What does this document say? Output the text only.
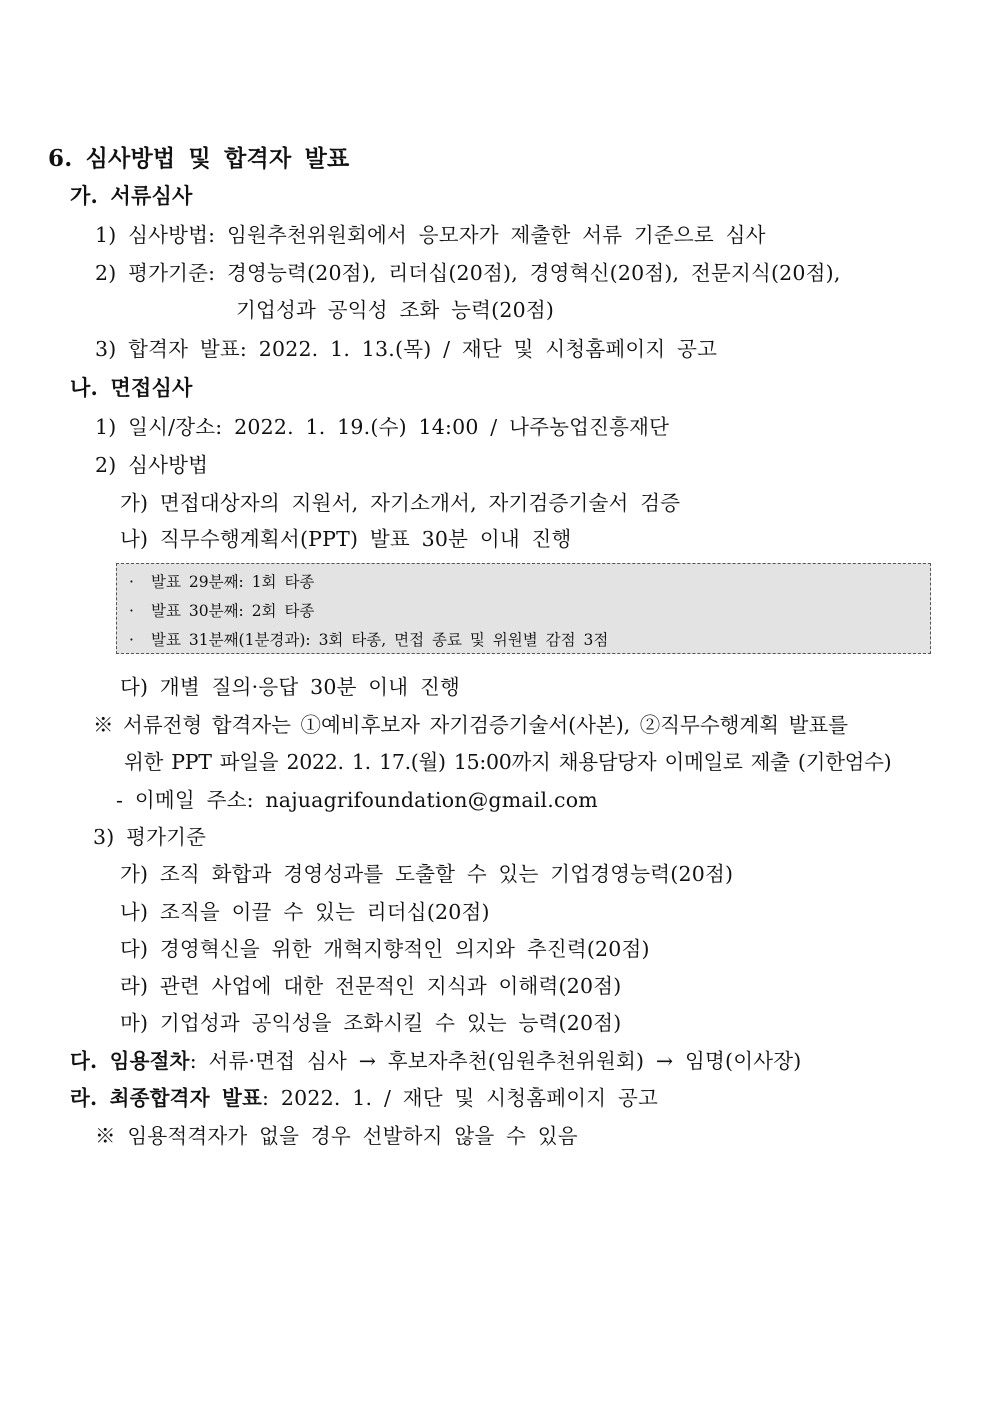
6. 심사방법 및 합격자 발표
가. 서류심사
1) 심사방법: 임원추천위원회에서 응모자가 제출한 서류 기준으로 심사
2) 평가기준: 경영능력(20점), 리더십(20점), 경영혁신(20점), 전문지식(20점),
기업성과 공익성 조화 능력(20점)
3) 합격자 발표: 2022. 1. 13.(목) / 재단 및 시청홈페이지 공고
나. 면접심사
1) 일시/장소: 2022. 1. 19.(수) 14:00 / 나주농업진흥재단
2) 심사방법
가) 면접대상자의 지원서, 자기소개서, 자기검증기술서 검증
나) 직무수행계획서(PPT) 발표 30분 이내 진행
· 발표 29분째: 1회 타종
· 발표 30분째: 2회 타종
· 발표 31분째(1분경과): 3회 타종, 면접 종료 및 위원별 감점 3점
다) 개별 질의·응답 30분 이내 진행
※ 서류전형 합격자는 ①예비후보자 자기검증기술서(사본), ②직무수행계획 발표를
위한 PPT 파일을 2022. 1. 17.(월) 15:00까지 채용담당자 이메일로 제출 (기한엄수)
- 이메일 주소: najuagrifoundation@gmail.com
3) 평가기준
가) 조직 화합과 경영성과를 도출할 수 있는 기업경영능력(20점)
나) 조직을 이끌 수 있는 리더십(20점)
다) 경영혁신을 위한 개혁지향적인 의지와 추진력(20점)
라) 관련 사업에 대한 전문적인 지식과 이해력(20점)
마) 기업성과 공익성을 조화시킬 수 있는 능력(20점)
다. 임용절차: 서류·면접 심사 → 후보자추천(임원추천위원회) → 임명(이사장)
라. 최종합격자 발표: 2022. 1. / 재단 및 시청홈페이지 공고
※ 임용적격자가 없을 경우 선발하지 않을 수 있음
